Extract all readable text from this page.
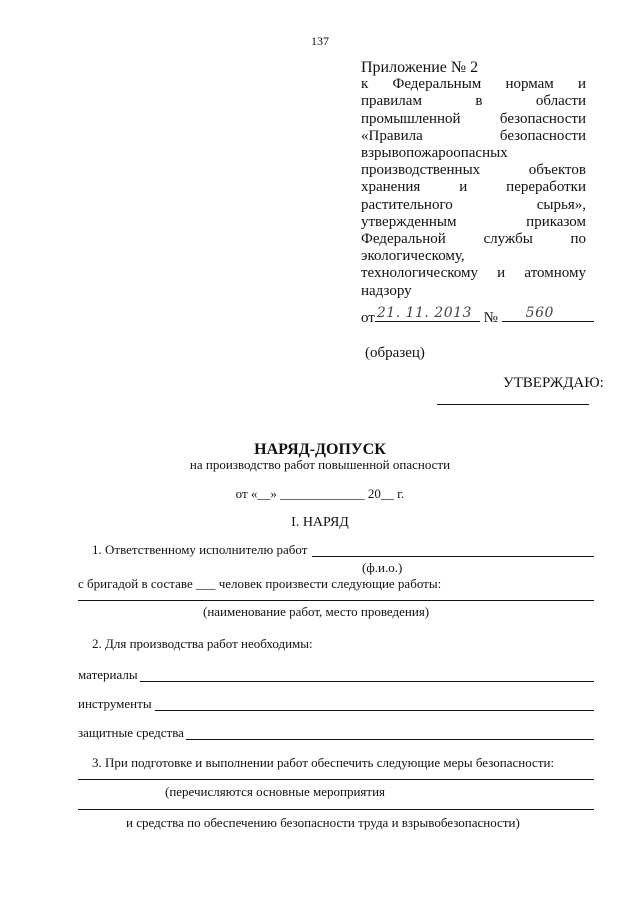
137
Приложение № 2
к Федеральным нормам и
правилам в области
промышленной безопасности
«Правила безопасности
взрывопожароопасных
производственных объектов
хранения и переработки
растительного сырья»,
утвержденным приказом
Федеральной службы по
экологическому,
технологическому и атомному
надзору
от 21. 11. 2013 № 560
(образец)
УТВЕРЖДАЮ:
НАРЯД-ДОПУСК
на производство работ повышенной опасности
от «__» _____________ 20__ г.
I. НАРЯД
1. Ответственному исполнителю работ
(ф.и.о.)
с бригадой в составе ___ человек произвести следующие работы:
(наименование работ, место проведения)
2. Для производства работ необходимы:
материалы
инструменты
защитные средства
3. При подготовке и выполнении работ обеспечить следующие меры безопасности:
(перечисляются основные мероприятия
и средства по обеспечению безопасности труда и взрывобезопасности)
